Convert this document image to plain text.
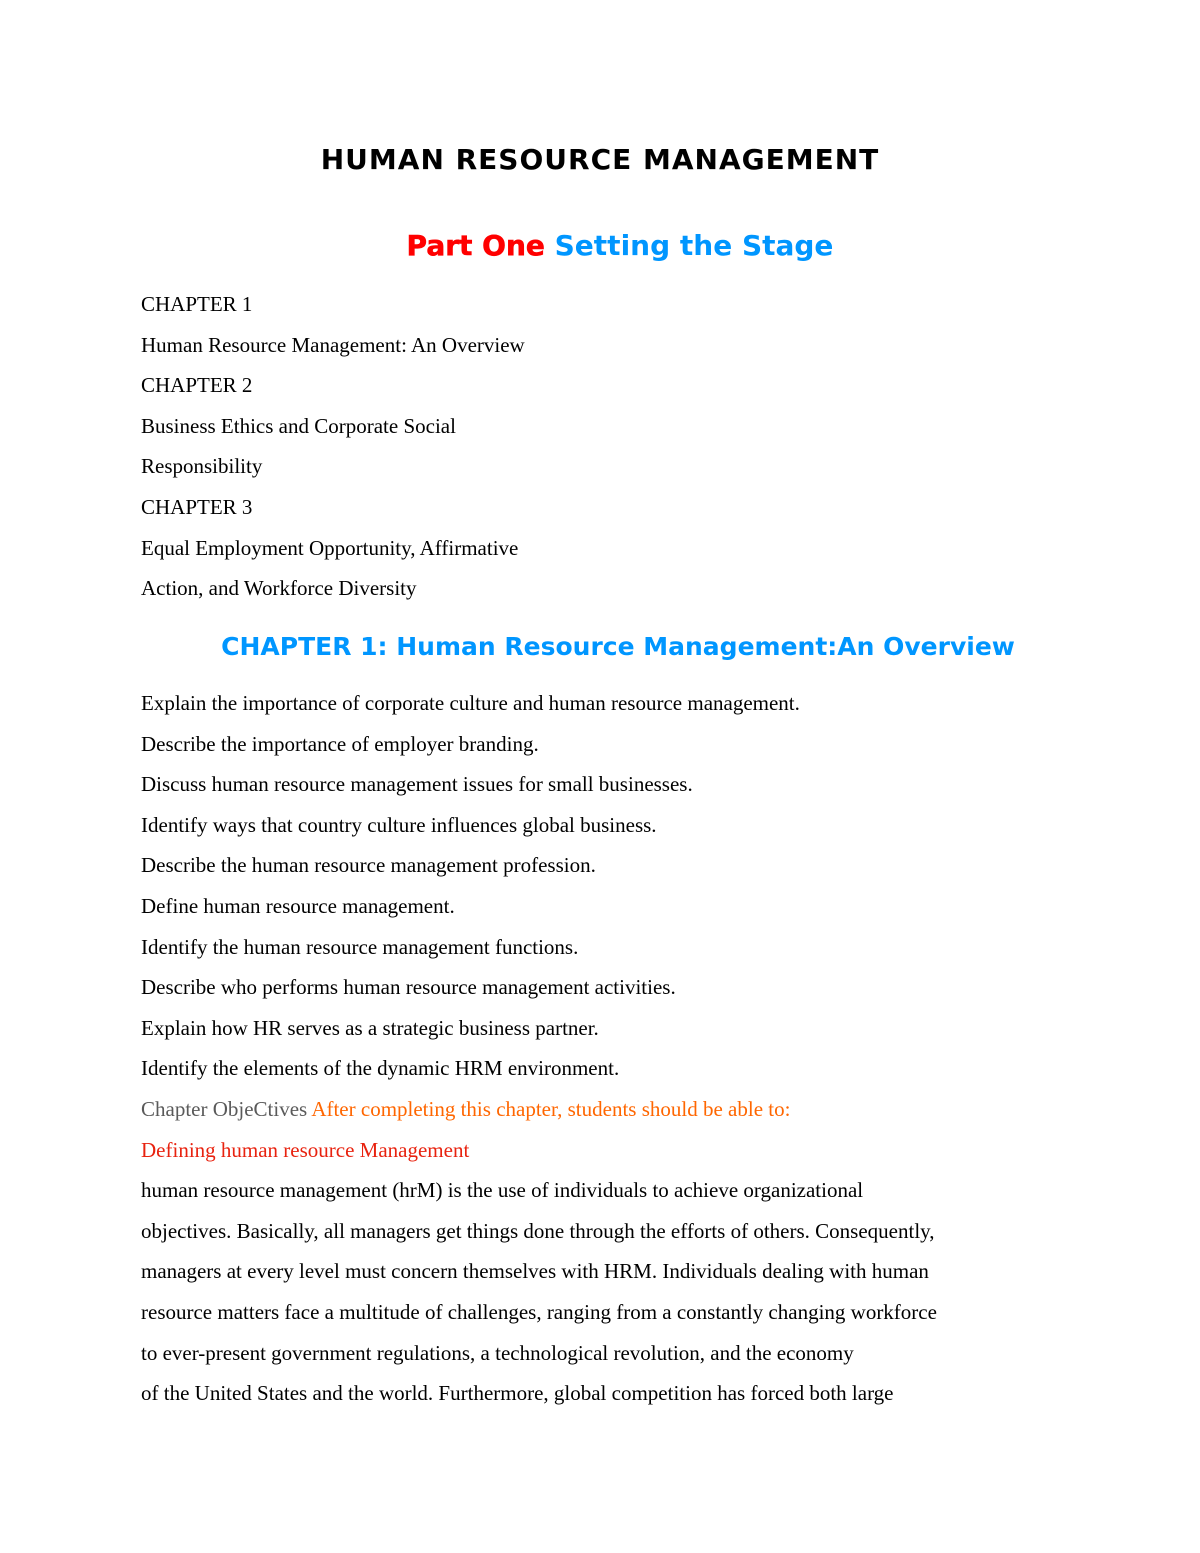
HUMAN RESOURCE MANAGEMENT
Part One Setting the Stage
CHAPTER 1
Human Resource Management: An Overview
CHAPTER 2
Business Ethics and Corporate Social
Responsibility
CHAPTER 3
Equal Employment Opportunity, Affirmative
Action, and Workforce Diversity
CHAPTER 1: Human Resource Management:An Overview
Explain the importance of corporate culture and human resource management.
Describe the importance of employer branding.
Discuss human resource management issues for small businesses.
Identify ways that country culture influences global business.
Describe the human resource management profession.
Define human resource management.
Identify the human resource management functions.
Describe who performs human resource management activities.
Explain how HR serves as a strategic business partner.
Identify the elements of the dynamic HRM environment.
Chapter ObjeCtives After completing this chapter, students should be able to:
Defining human resource Management
human resource management (hrM) is the use of individuals to achieve organizational
objectives. Basically, all managers get things done through the efforts of others. Consequently,
managers at every level must concern themselves with HRM. Individuals dealing with human
resource matters face a multitude of challenges, ranging from a constantly changing workforce
to ever-present government regulations, a technological revolution, and the economy
of the United States and the world. Furthermore, global competition has forced both large
